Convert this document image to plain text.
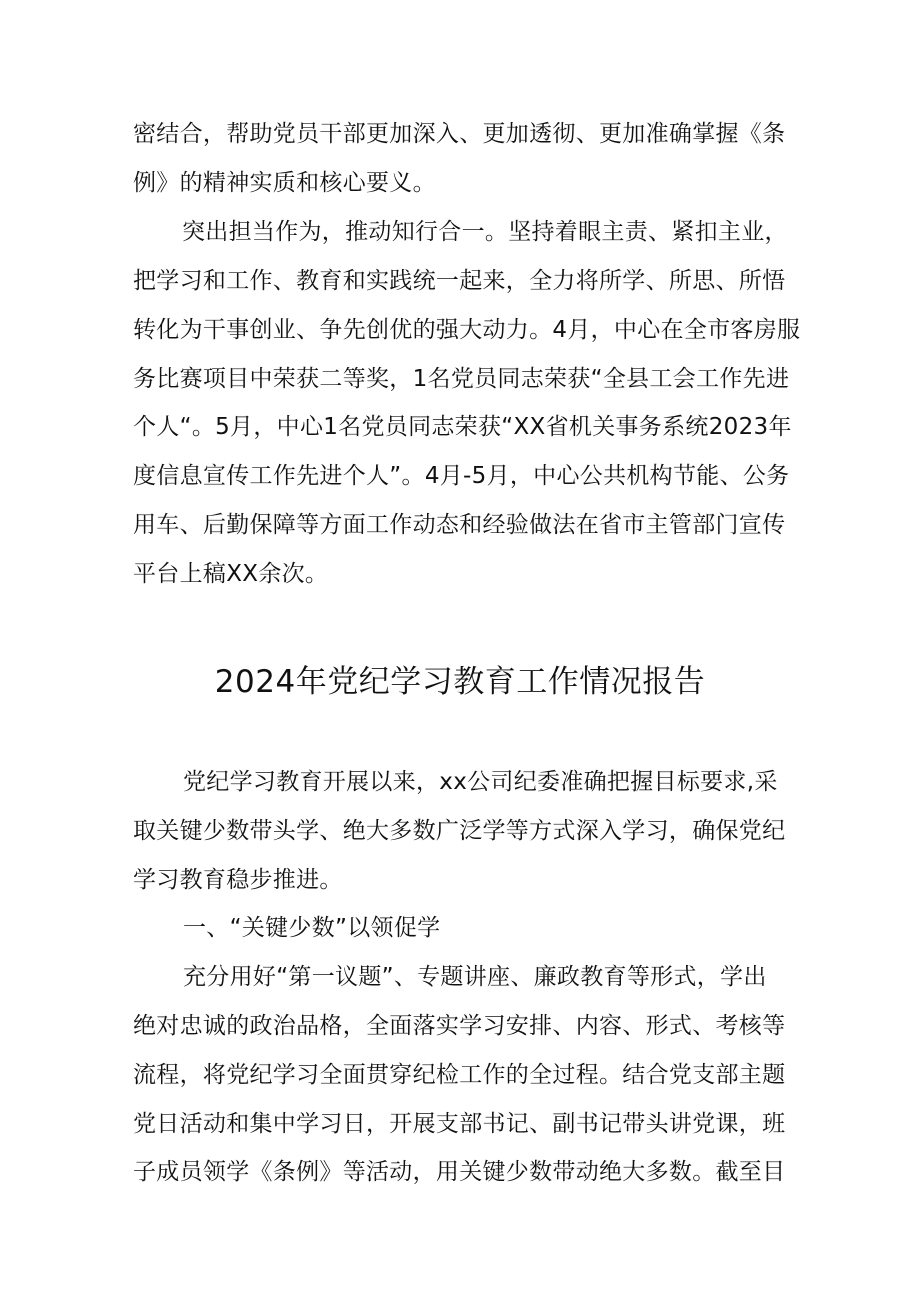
密结合，帮助党员干部更加深入、更加透彻、更加准确掌握《条
例》的精神实质和核心要义。
突出担当作为，推动知行合一。坚持着眼主责、紧扣主业，
把学习和工作、教育和实践统一起来，全力将所学、所思、所悟
转化为干事创业、争先创优的强大动力。4月，中心在全市客房服
务比赛项目中荣获二等奖，1名党员同志荣获“全县工会工作先进
个人“。5月，中心1名党员同志荣获“XX省机关事务系统2023年
度信息宣传工作先进个人”。4月-5月，中心公共机构节能、公务
用车、后勤保障等方面工作动态和经验做法在省市主管部门宣传
平台上稿XX余次。
2024年党纪学习教育工作情况报告
党纪学习教育开展以来，xx公司纪委准确把握目标要求,采
取关键少数带头学、绝大多数广泛学等方式深入学习，确保党纪
学习教育稳步推进。
一、“关键少数”以领促学
充分用好“第一议题”、专题讲座、廉政教育等形式，学出
绝对忠诚的政治品格，全面落实学习安排、内容、形式、考核等
流程，将党纪学习全面贯穿纪检工作的全过程。结合党支部主题
党日活动和集中学习日，开展支部书记、副书记带头讲党课，班
子成员领学《条例》等活动，用关键少数带动绝大多数。截至目
